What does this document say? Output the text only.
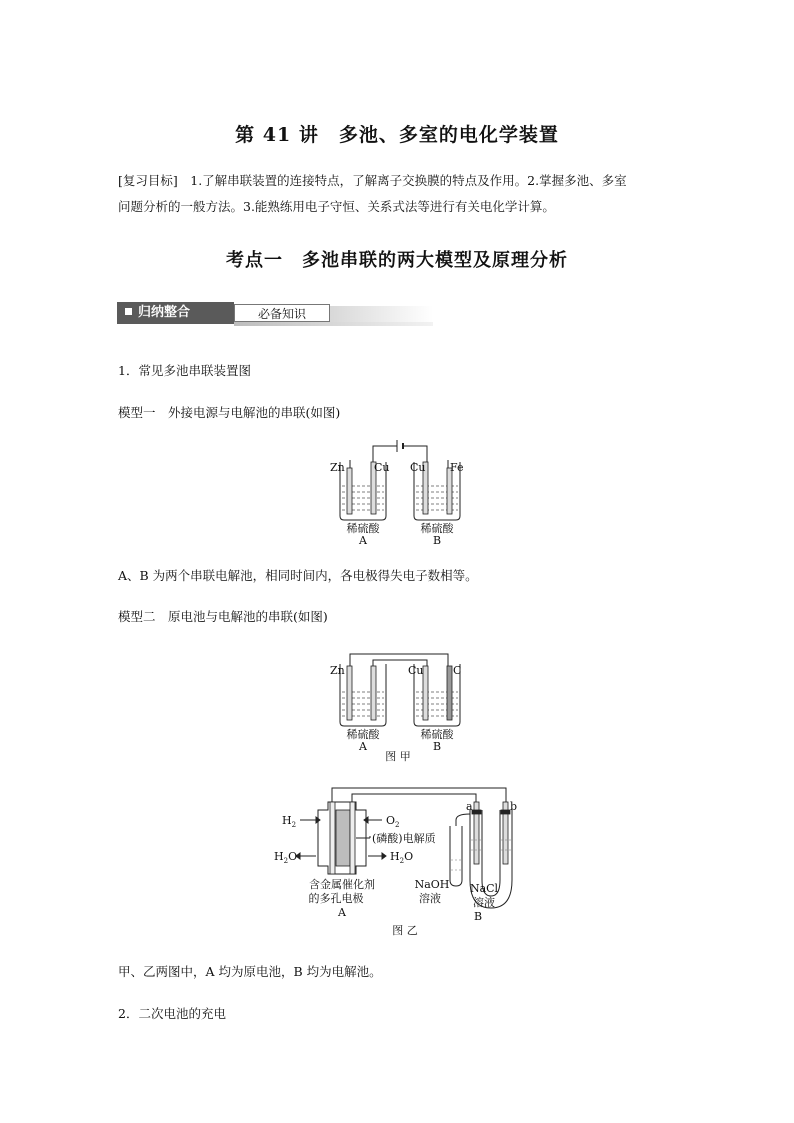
第 41 讲　多池、多室的电化学装置
[复习目标]　1.了解串联装置的连接特点，了解离子交换膜的特点及作用。2.掌握多池、多室
问题分析的一般方法。3.能熟练用电子守恒、关系式法等进行有关电化学计算。
考点一　多池串联的两大模型及原理分析
归纳整合	必备知识
1．常见多池串联装置图
模型一　外接电源与电解池的串联(如图)
Zn	Cu Cu Fe
稀硫酸	稀硫酸
A	B
A、B 为两个串联电解池，相同时间内，各电极得失电子数相等。
模型二　原电池与电解池的串联(如图)
Zn	Cu	C
稀硫酸	稀硫酸
A	B
图 甲
$H_2$
$H_2O$
$O_2$
(磷酸)电解质
$H_2O$
含金属催化剂
的多孔电极
A
NaOH
溶液
NaCl
溶液
B
a	b
图 乙
甲、乙两图中，A 均为原电池，B 均为电解池。
2．二次电池的充电
